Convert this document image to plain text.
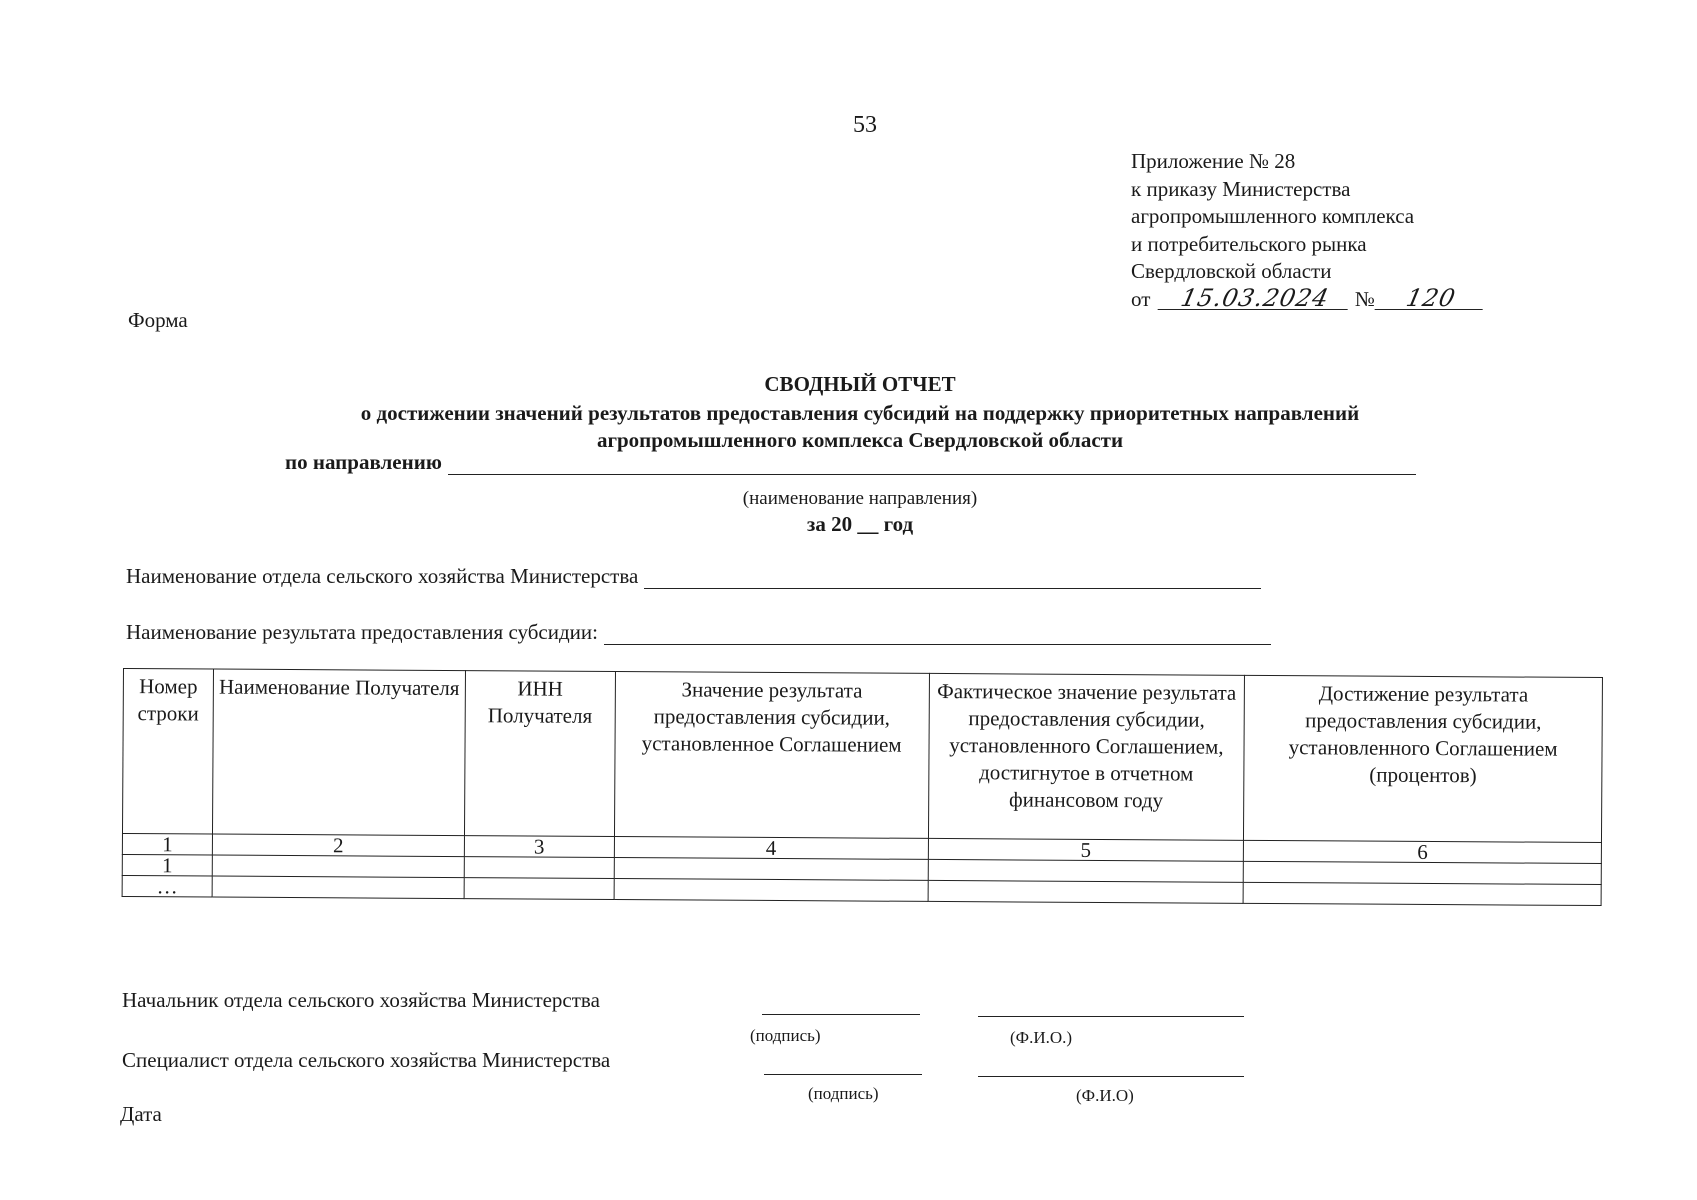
53
Приложение № 28
к приказу Министерства
агропромышленного комплекса
и потребительского рынка
Свердловской области
от 15.03.2024 № 120
Форма
СВОДНЫЙ ОТЧЕТ
о достижении значений результатов предоставления субсидий на поддержку приоритетных направлений
агропромышленного комплекса Свердловской области
по направлению
(наименование направления)
за 20 __ год
Наименование отдела сельского хозяйства Министерства
Наименование результата предоставления субсидии:
Номер строки	Наименование Получателя	ИНН Получателя	Значение результата предоставления субсидии, установленное Соглашением	Фактическое значение результата предоставления субсидии, установленного Соглашением, достигнутое в отчетном финансовом году	Достижение результата предоставления субсидии, установленного Соглашением (процентов)
1	2	3	4	5	6
1					
…					
Начальник отдела сельского хозяйства Министерства
(подпись)	(Ф.И.О.)
Специалист отдела сельского хозяйства Министерства
(подпись)	(Ф.И.О)
Дата
